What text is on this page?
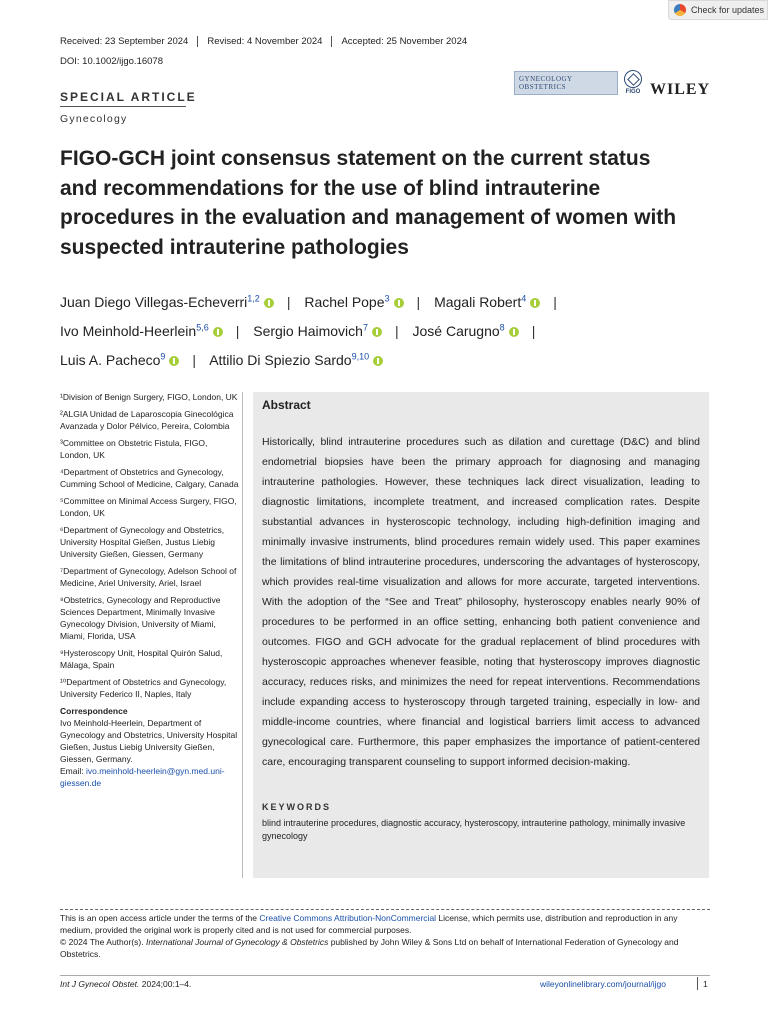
Check for updates
Received: 23 September 2024	Revised: 4 November 2024	Accepted: 25 November 2024
DOI: 10.1002/ijgo.16078
SPECIAL ARTICLE
Gynecology
GYNECOLOGY
OBSTETRICS
FIGO WILEY
FIGO-GCH joint consensus statement on the current status and recommendations for the use of blind intrauterine procedures in the evaluation and management of women with suspected intrauterine pathologies
Juan Diego Villegas-Echeverri$^{1,2}$ | Rachel Pope$^3$ | Magali Robert$^4$ |
Ivo Meinhold-Heerlein$^{5,6}$ | Sergio Haimovich$^7$ | José Carugno$^8$ |
Luis A. Pacheco$^9$ | Attilio Di Spiezio Sardo$^{9,10}$
¹Division of Benign Surgery, FIGO, London, UK
²ALGIA Unidad de Laparoscopia Ginecológica Avanzada y Dolor Pélvico, Pereira, Colombia
³Committee on Obstetric Fistula, FIGO, London, UK
⁴Department of Obstetrics and Gynecology, Cumming School of Medicine, Calgary, Canada
⁵Committee on Minimal Access Surgery, FIGO, London, UK
⁶Department of Gynecology and Obstetrics, University Hospital Gießen, Justus Liebig University Gießen, Giessen, Germany
⁷Department of Gynecology, Adelson School of Medicine, Ariel University, Ariel, Israel
⁸Obstetrics, Gynecology and Reproductive Sciences Department, Minimally Invasive Gynecology Division, University of Miami, Miami, Florida, USA
⁹Hysteroscopy Unit, Hospital Quirón Salud, Málaga, Spain
¹⁰Department of Obstetrics and Gynecology, University Federico II, Naples, Italy
Correspondence
Ivo Meinhold-Heerlein, Department of Gynecology and Obstetrics, University Hospital Gießen, Justus Liebig University Gießen, Giessen, Germany.
Email: ivo.meinhold-heerlein@gyn.med.uni-giessen.de
Abstract

Historically, blind intrauterine procedures such as dilation and curettage (D&C) and blind endometrial biopsies have been the primary approach for diagnosing and managing intrauterine pathologies. However, these techniques lack direct visualization, leading to diagnostic limitations, incomplete treatment, and increased complication rates. Despite substantial advances in hysteroscopic technology, including high-definition imaging and minimally invasive instruments, blind procedures remain widely used. This paper examines the limitations of blind intrauterine procedures, underscoring the advantages of hysteroscopy, which provides real-time visualization and allows for more accurate, targeted interventions. With the adoption of the “See and Treat” philosophy, hysteroscopy enables nearly 90% of procedures to be performed in an office setting, enhancing both patient convenience and outcomes. FIGO and GCH advocate for the gradual replacement of blind procedures with hysteroscopic approaches whenever feasible, noting that hysteroscopy improves diagnostic accuracy, reduces risks, and minimizes the need for repeat interventions. Recommendations include expanding access to hysteroscopy through targeted training, especially in low- and middle-income countries, where financial and logistical barriers limit access to advanced gynecological care. Furthermore, this paper emphasizes the importance of patient-centered care, encouraging transparent counseling to support informed decision-making.

KEYWORDS
blind intrauterine procedures, diagnostic accuracy, hysteroscopy, intrauterine pathology, minimally invasive gynecology
This is an open access article under the terms of the Creative Commons Attribution-NonCommercial License, which permits use, distribution and reproduction in any medium, provided the original work is properly cited and is not used for commercial purposes.
© 2024 The Author(s). International Journal of Gynecology & Obstetrics published by John Wiley & Sons Ltd on behalf of International Federation of Gynecology and Obstetrics.
Int J Gynecol Obstet. 2024;00:1–4.	wileyonlinelibrary.com/journal/ijgo	1
